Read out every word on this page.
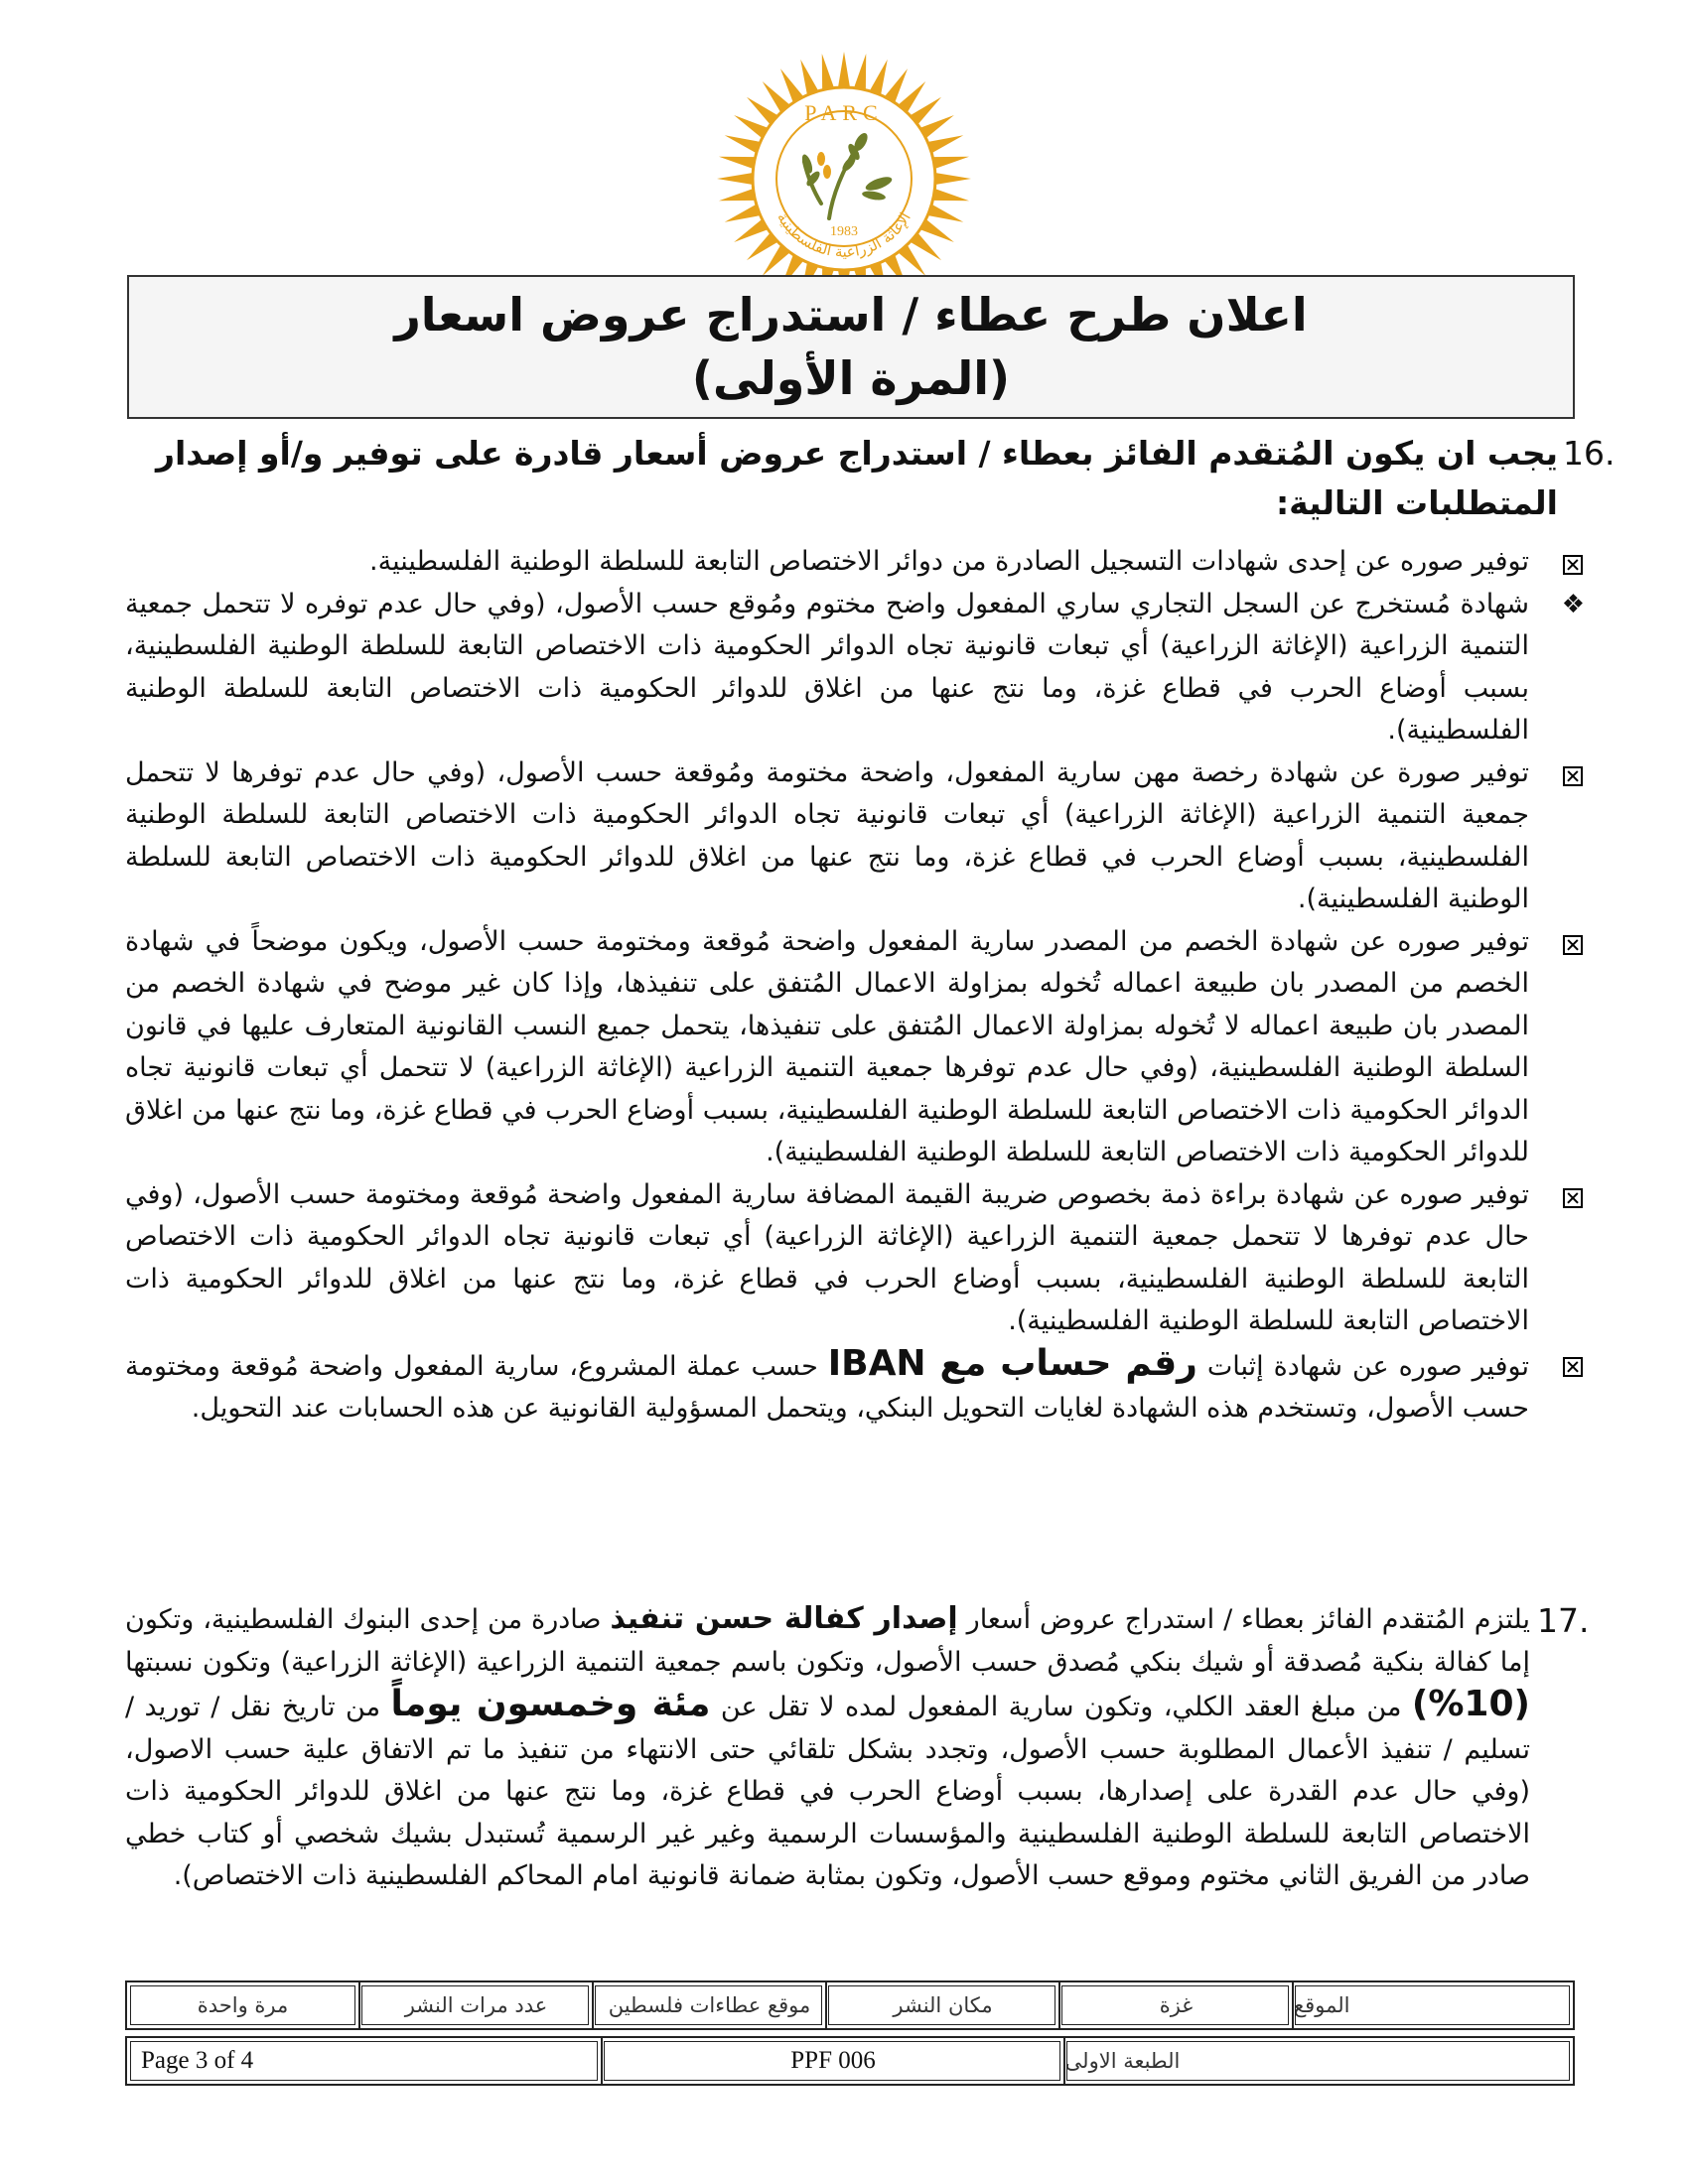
PARC
1983
الإغاثة الزراعية الفلسطينية
اعلان طرح عطاء / استدراج عروض اسعار
(المرة الأولى)
16.
يجب ان يكون المُتقدم الفائز بعطاء / استدراج عروض أسعار قادرة على توفير و/أو إصدار المتطلبات التالية:
توفير صوره عن إحدى شهادات التسجيل الصادرة من دوائر الاختصاص التابعة للسلطة الوطنية الفلسطينية.
❖
شهادة مُستخرج عن السجل التجاري ساري المفعول واضح مختوم ومُوقع حسب الأصول، (وفي حال عدم توفره لا تتحمل جمعية التنمية الزراعية (الإغاثة الزراعية) أي تبعات قانونية تجاه الدوائر الحكومية ذات الاختصاص التابعة للسلطة الوطنية الفلسطينية، بسبب أوضاع الحرب في قطاع غزة، وما نتج عنها من اغلاق للدوائر الحكومية ذات الاختصاص التابعة للسلطة الوطنية الفلسطينية).
توفير صورة عن شهادة رخصة مهن سارية المفعول، واضحة مختومة ومُوقعة حسب الأصول، (وفي حال عدم توفرها لا تتحمل جمعية التنمية الزراعية (الإغاثة الزراعية) أي تبعات قانونية تجاه الدوائر الحكومية ذات الاختصاص التابعة للسلطة الوطنية الفلسطينية، بسبب أوضاع الحرب في قطاع غزة، وما نتج عنها من اغلاق للدوائر الحكومية ذات الاختصاص التابعة للسلطة الوطنية الفلسطينية).
توفير صوره عن شهادة الخصم من المصدر سارية المفعول واضحة مُوقعة ومختومة حسب الأصول، ويكون موضحاً في شهادة الخصم من المصدر بان طبيعة اعماله تُخوله بمزاولة الاعمال المُتفق على تنفيذها، وإذا كان غير موضح في شهادة الخصم من المصدر بان طبيعة اعماله لا تُخوله بمزاولة الاعمال المُتفق على تنفيذها، يتحمل جميع النسب القانونية المتعارف عليها في قانون السلطة الوطنية الفلسطينية، (وفي حال عدم توفرها جمعية التنمية الزراعية (الإغاثة الزراعية) لا تتحمل أي تبعات قانونية تجاه الدوائر الحكومية ذات الاختصاص التابعة للسلطة الوطنية الفلسطينية، بسبب أوضاع الحرب في قطاع غزة، وما نتج عنها من اغلاق للدوائر الحكومية ذات الاختصاص التابعة للسلطة الوطنية الفلسطينية).
توفير صوره عن شهادة براءة ذمة بخصوص ضريبة القيمة المضافة سارية المفعول واضحة مُوقعة ومختومة حسب الأصول، (وفي حال عدم توفرها لا تتحمل جمعية التنمية الزراعية (الإغاثة الزراعية) أي تبعات قانونية تجاه الدوائر الحكومية ذات الاختصاص التابعة للسلطة الوطنية الفلسطينية، بسبب أوضاع الحرب في قطاع غزة، وما نتج عنها من اغلاق للدوائر الحكومية ذات الاختصاص التابعة للسلطة الوطنية الفلسطينية).
توفير صوره عن شهادة إثبات رقم حساب مع IBAN حسب عملة المشروع، سارية المفعول واضحة مُوقعة ومختومة حسب الأصول، وتستخدم هذه الشهادة لغايات التحويل البنكي، ويتحمل المسؤولية القانونية عن هذه الحسابات عند التحويل.
17.
يلتزم المُتقدم الفائز بعطاء / استدراج عروض أسعار إصدار كفالة حسن تنفيذ صادرة من إحدى البنوك الفلسطينية، وتكون إما كفالة بنكية مُصدقة أو شيك بنكي مُصدق حسب الأصول، وتكون باسم جمعية التنمية الزراعية (الإغاثة الزراعية) وتكون نسبتها (10%) من مبلغ العقد الكلي، وتكون سارية المفعول لمده لا تقل عن مئة وخمسون يوماً من تاريخ نقل / توريد / تسليم / تنفيذ الأعمال المطلوبة حسب الأصول، وتجدد بشكل تلقائي حتى الانتهاء من تنفيذ ما تم الاتفاق علية حسب الاصول، (وفي حال عدم القدرة على إصدارها، بسبب أوضاع الحرب في قطاع غزة، وما نتج عنها من اغلاق للدوائر الحكومية ذات الاختصاص التابعة للسلطة الوطنية الفلسطينية والمؤسسات الرسمية وغير غير الرسمية تُستبدل بشيك شخصي أو كتاب خطي صادر من الفريق الثاني مختوم وموقع حسب الأصول، وتكون بمثابة ضمانة قانونية امام المحاكم الفلسطينية ذات الاختصاص).
الموقع
غزة
مكان النشر
موقع عطاءات فلسطين
عدد مرات النشر
مرة واحدة
الطبعة الاولى
PPF 006
Page 3 of 4
